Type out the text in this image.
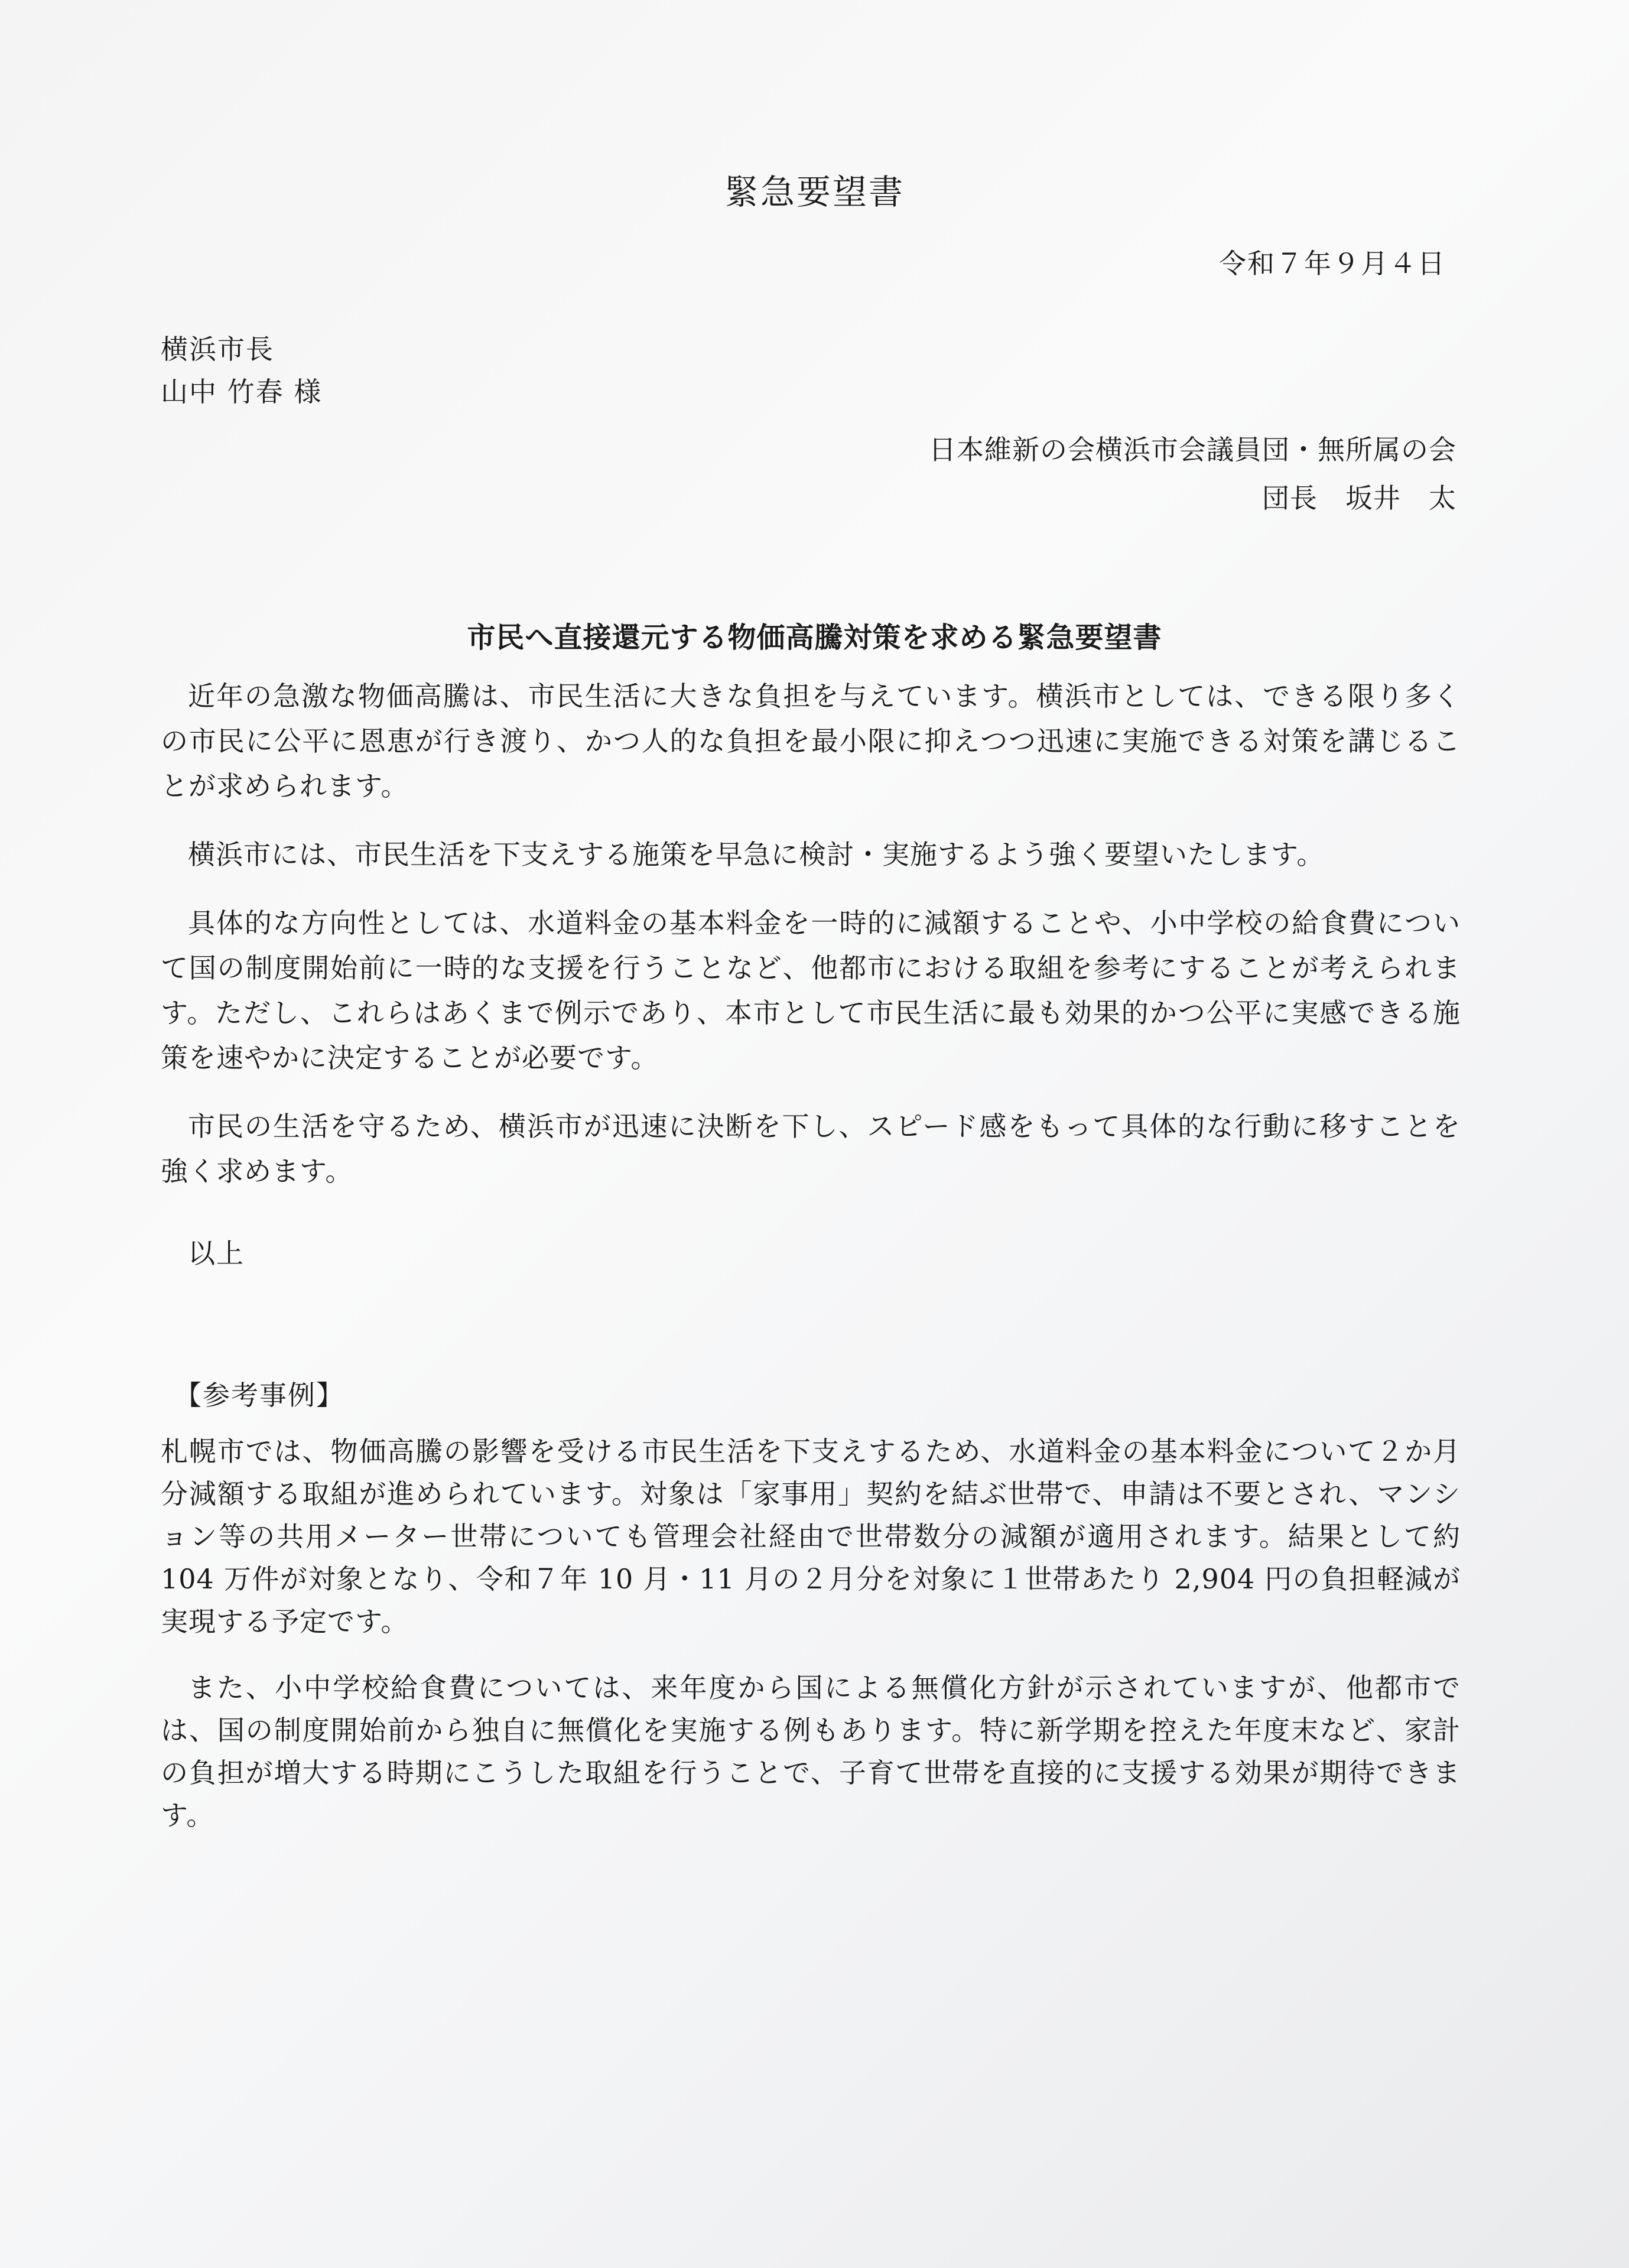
緊急要望書
令和７年９月４日
横浜市長
山中 竹春 様
日本維新の会横浜市会議員団・無所属の会
団長　坂井　太
市民へ直接還元する物価高騰対策を求める緊急要望書

近年の急激な物価高騰は、市民生活に大きな負担を与えています。横浜市としては、できる限り多くの市民に公平に恩恵が行き渡り、かつ人的な負担を最小限に抑えつつ迅速に実施できる対策を講じることが求められます。

横浜市には、市民生活を下支えする施策を早急に検討・実施するよう強く要望いたします。

具体的な方向性としては、水道料金の基本料金を一時的に減額することや、小中学校の給食費について国の制度開始前に一時的な支援を行うことなど、他都市における取組を参考にすることが考えられます。ただし、これらはあくまで例示であり、本市として市民生活に最も効果的かつ公平に実感できる施策を速やかに決定することが必要です。

市民の生活を守るため、横浜市が迅速に決断を下し、スピード感をもって具体的な行動に移すことを強く求めます。

以上
【参考事例】

札幌市では、物価高騰の影響を受ける市民生活を下支えするため、水道料金の基本料金について２か月分減額する取組が進められています。対象は「家事用」契約を結ぶ世帯で、申請は不要とされ、マンション等の共用メーター世帯についても管理会社経由で世帯数分の減額が適用されます。結果として約 104 万件が対象となり、令和７年 10 月・11 月の２月分を対象に１世帯あたり 2,904 円の負担軽減が実現する予定です。

また、小中学校給食費については、来年度から国による無償化方針が示されていますが、他都市では、国の制度開始前から独自に無償化を実施する例もあります。特に新学期を控えた年度末など、家計の負担が増大する時期にこうした取組を行うことで、子育て世帯を直接的に支援する効果が期待できます。
